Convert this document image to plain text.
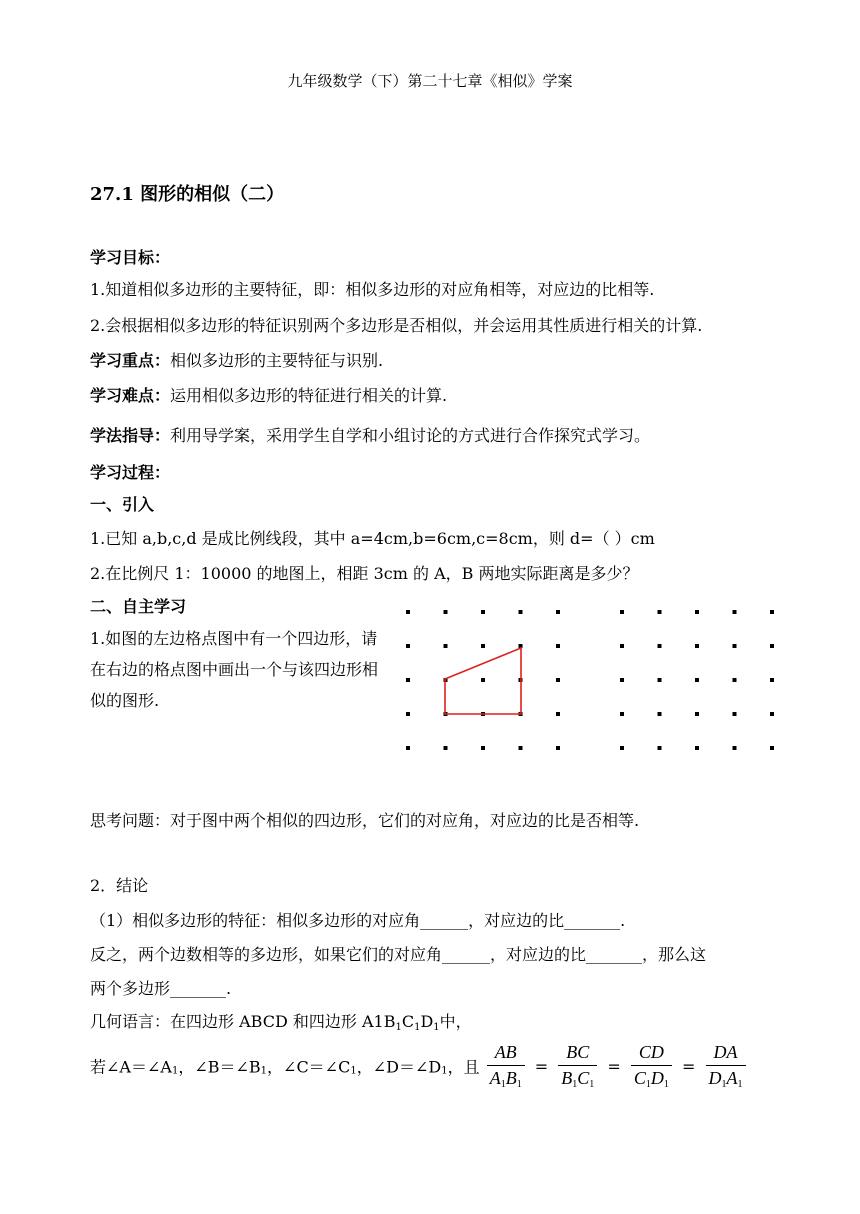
九年级数学（下）第二十七章《相似》学案
27.1 图形的相似（二）
学习目标：
1.知道相似多边形的主要特征，即：相似多边形的对应角相等，对应边的比相等.
2.会根据相似多边形的特征识别两个多边形是否相似，并会运用其性质进行相关的计算.
学习重点：相似多边形的主要特征与识别.
学习难点：运用相似多边形的特征进行相关的计算.
学法指导：利用导学案，采用学生自学和小组讨论的方式进行合作探究式学习。
学习过程：
一、引入
1.已知 a,b,c,d 是成比例线段，其中 a=4cm,b=6cm,c=8cm，则 d=（ ）cm
2.在比例尺 1：10000 的地图上，相距 3cm 的 A，B 两地实际距离是多少？
二、自主学习
1.如图的左边格点图中有一个四边形，请在右边的格点图中画出一个与该四边形相似的图形.
思考问题：对于图中两个相似的四边形，它们的对应角，对应边的比是否相等.
2．结论
（1）相似多边形的特征：相似多边形的对应角______，对应边的比_______.
反之，两个边数相等的多边形，如果它们的对应角______，对应边的比_______，那么这
两个多边形_______.
几何语言：在四边形 ABCD 和四边形 $A1B_1C_1D_1$中，
若$\angle A=\angle A_1$，$\angle B=\angle B_1$，$\angle C=\angle C_1$，$\angle D=\angle D_1$，且 $\frac{AB}{A_1B_1} = \frac{BC}{B_1C_1} = \frac{CD}{C_1D_1} = \frac{DA}{D_1A_1}$
